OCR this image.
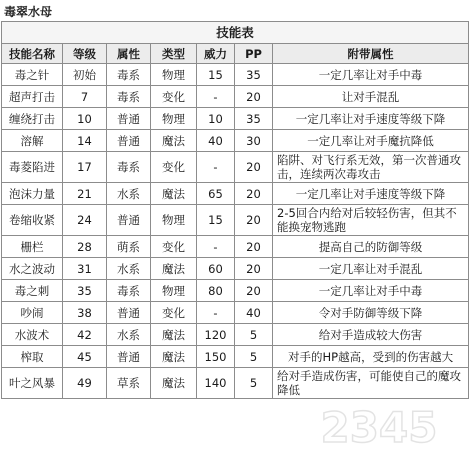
毒翠水母
技能表						
技能名称	等级	属性	类型	威力	PP	附带属性
毒之针	初始	毒系	物理	15	35	一定几率让对手中毒
超声打击	7	毒系	变化	-	20	让对手混乱
缠绕打击	10	普通	物理	10	35	一定几率让对手速度等级下降
溶解	14	普通	魔法	40	30	一定几率让对手魔抗降低
毒菱陷进	17	毒系	变化	-	20	陷阱、对飞行系无效，第一次普通攻击，连续两次毒攻击
泡沫力量	21	水系	魔法	65	20	一定几率让对手速度等级下降
卷缩收紧	24	普通	物理	15	20	2-5回合内给对后较轻伤害，但其不能换宠物逃跑
栅栏	28	萌系	变化	-	20	提高自己的防御等级
水之波动	31	水系	魔法	60	20	一定几率让对手混乱
毒之刺	35	毒系	物理	80	20	一定几率让对手中毒
吵闹	38	普通	变化	-	40	令对手防御等级下降
水波术	42	水系	魔法	120	5	给对手造成较大伤害
榨取	45	普通	魔法	150	5	对手的HP越高，受到的伤害越大
叶之风暴	49	草系	魔法	140	5	给对手造成伤害，可能使自己的魔攻降低
2345
